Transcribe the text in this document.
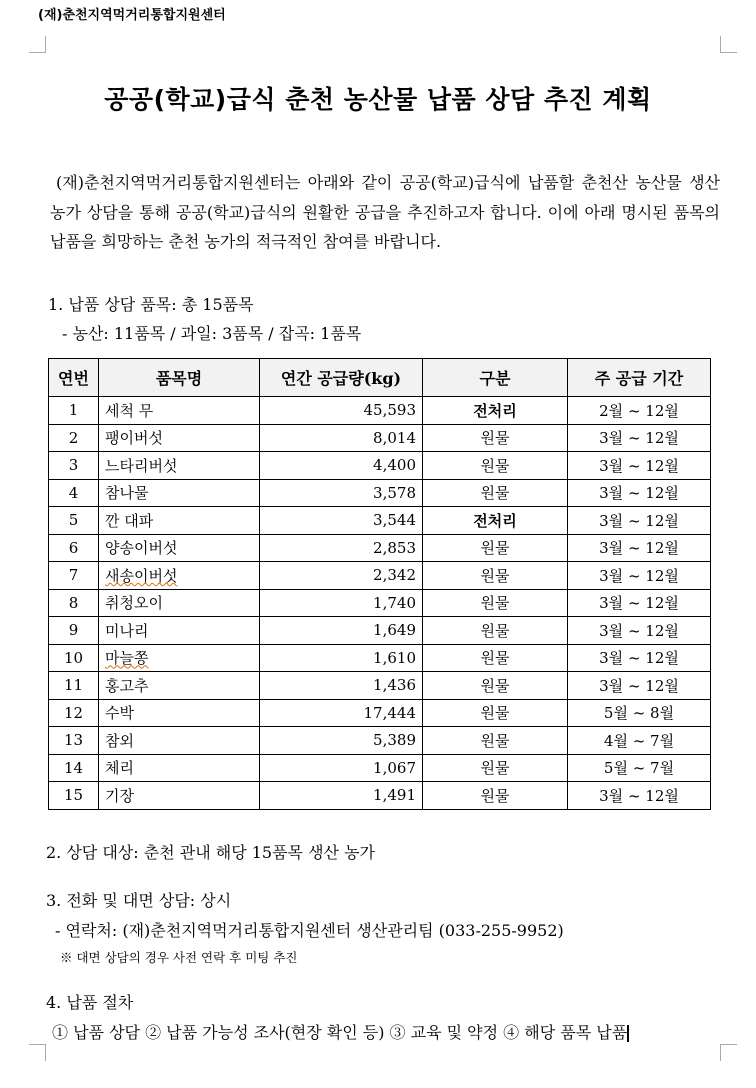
(재)춘천지역먹거리통합지원센터
공공(학교)급식 춘천 농산물 납품 상담 추진 계획
(재)춘천지역먹거리통합지원센터는 아래와 같이 공공(학교)급식에 납품할 춘천산 농산물 생산 농가 상담을 통해 공공(학교)급식의 원활한 공급을 추진하고자 합니다. 이에 아래 명시된 품목의 납품을 희망하는 춘천 농가의 적극적인 참여를 바랍니다.
1. 납품 상담 품목: 총 15품목
- 농산: 11품목 / 과일: 3품목 / 잡곡: 1품목
연번	품목명	연간 공급량(kg)	구분	주 공급 기간
1	세척 무	45,593	전처리	2월 ~ 12월
2	팽이버섯	8,014	원물	3월 ~ 12월
3	느타리버섯	4,400	원물	3월 ~ 12월
4	참나물	3,578	원물	3월 ~ 12월
5	깐 대파	3,544	전처리	3월 ~ 12월
6	양송이버섯	2,853	원물	3월 ~ 12월
7	새송이버섯	2,342	원물	3월 ~ 12월
8	취청오이	1,740	원물	3월 ~ 12월
9	미나리	1,649	원물	3월 ~ 12월
10	마늘쫑	1,610	원물	3월 ~ 12월
11	홍고추	1,436	원물	3월 ~ 12월
12	수박	17,444	원물	5월 ~ 8월
13	참외	5,389	원물	4월 ~ 7월
14	체리	1,067	원물	5월 ~ 7월
15	기장	1,491	원물	3월 ~ 12월
2. 상담 대상: 춘천 관내 해당 15품목 생산 농가
3. 전화 및 대면 상담: 상시
- 연락처: (재)춘천지역먹거리통합지원센터 생산관리팀 (033-255-9952)
※ 대면 상담의 경우 사전 연락 후 미팅 추진
4. 납품 절차
① 납품 상담 ② 납품 가능성 조사(현장 확인 등) ③ 교육 및 약정 ④ 해당 품목 납품
